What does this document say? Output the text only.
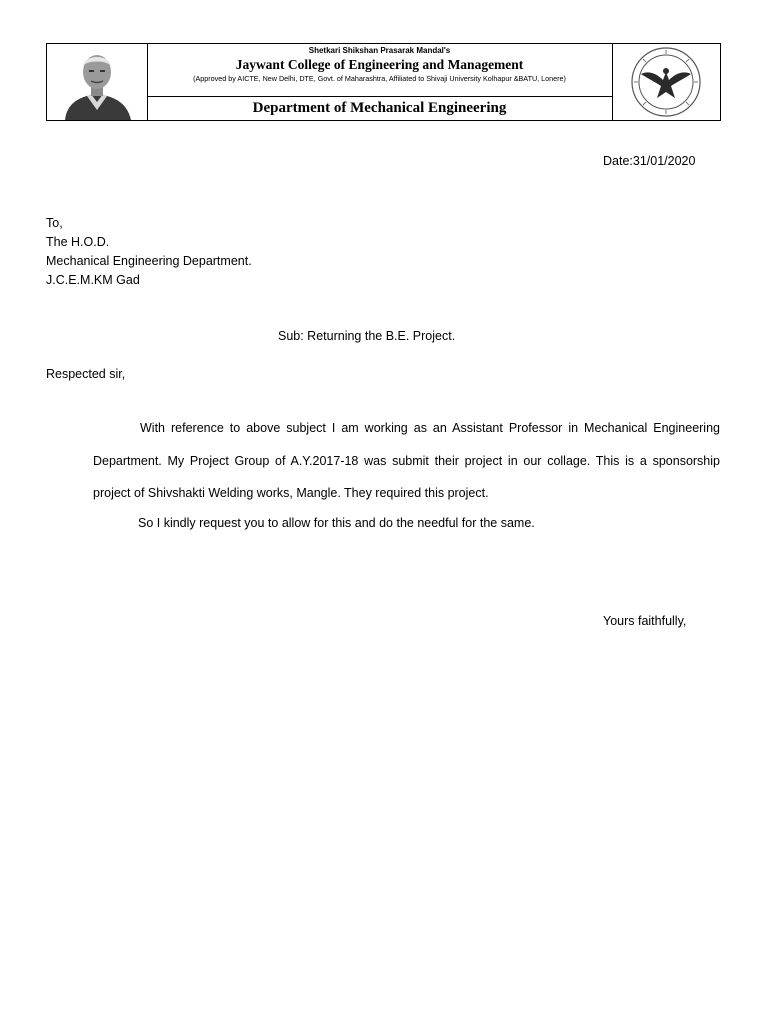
Shetkari Shikshan Prasarak Mandal's
Jaywant College of Engineering and Management
(Approved by AICTE, New Delhi, DTE, Govt. of Maharashtra, Affiliated to Shivaji University Kolhapur &BATU, Lonere)
Department of Mechanical Engineering
Date:31/01/2020
To,
The H.O.D.
Mechanical Engineering Department.
J.C.E.M.KM Gad
Sub: Returning the B.E. Project.
Respected sir,
With reference to above subject I am working as an Assistant Professor in Mechanical Engineering Department. My Project Group of A.Y.2017-18 was submit their project in our collage. This is a sponsorship project of Shivshakti Welding works, Mangle. They required this project.
So I kindly request you to allow for this and do the needful for the same.
Yours faithfully,
